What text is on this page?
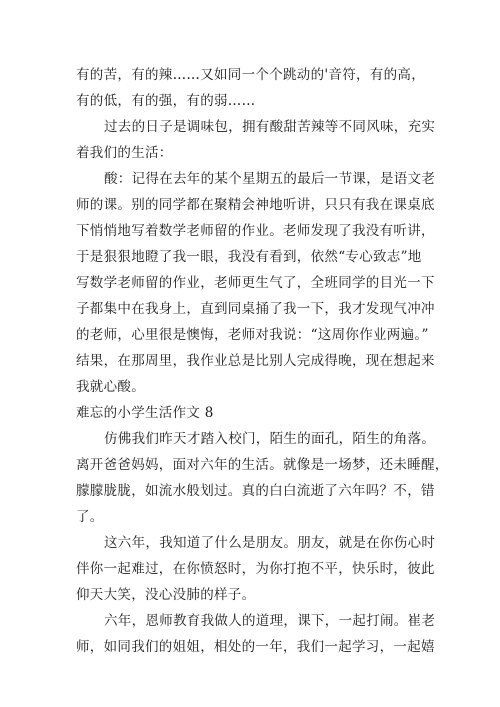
有的苦，有的辣……又如同一个个跳动的'音符，有的高，
有的低，有的强，有的弱……
过去的日子是调味包，拥有酸甜苦辣等不同风味，充实
着我们的生活：
酸：记得在去年的某个星期五的最后一节课，是语文老
师的课。别的同学都在聚精会神地听讲，只只有我在课桌底
下悄悄地写着数学老师留的作业。老师发现了我没有听讲，
于是狠狠地瞪了我一眼，我没有看到，依然“专心致志”地
写数学老师留的作业，老师更生气了，全班同学的目光一下
子都集中在我身上，直到同桌捅了我一下，我才发现气冲冲
的老师，心里很是懊悔，老师对我说：“这周你作业两遍。”
结果，在那周里，我作业总是比别人完成得晚，现在想起来
我就心酸。
难忘的小学生活作文 8
仿佛我们昨天才踏入校门，陌生的面孔，陌生的角落。
离开爸爸妈妈，面对六年的生活。就像是一场梦，还未睡醒，
朦朦胧胧，如流水般划过。真的白白流逝了六年吗？不，错
了。
这六年，我知道了什么是朋友。朋友，就是在你伤心时
伴你一起难过，在你愤怒时，为你打抱不平，快乐时，彼此
仰天大笑，没心没肺的样子。
六年，恩师教育我做人的道理，课下，一起打闹。崔老
师，如同我们的姐姐，相处的一年，我们一起学习，一起嬉
